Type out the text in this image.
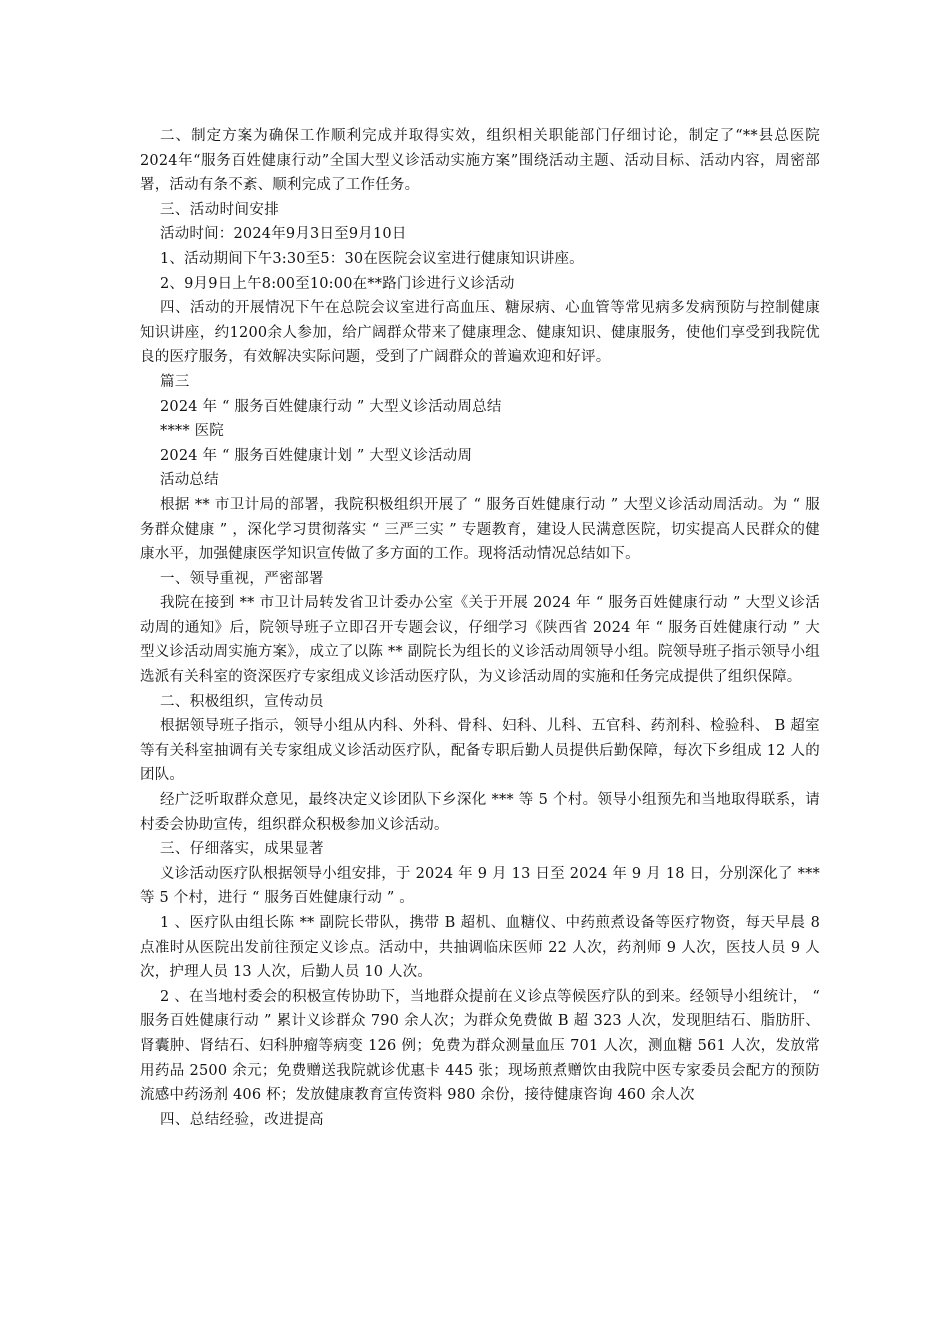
二、制定方案为确保工作顺利完成并取得实效，组织相关职能部门仔细讨论，制定了“**县总医院2024年“服务百姓健康行动”全国大型义诊活动实施方案”围绕活动主题、活动目标、活动内容，周密部署，活动有条不紊、顺利完成了工作任务。

三、活动时间安排

活动时间：2024年9月3日至9月10日

1、活动期间下午3:30至5：30在医院会议室进行健康知识讲座。

2、9月9日上午8:00至10:00在**路门诊进行义诊活动

四、活动的开展情况下午在总院会议室进行高血压、糖尿病、心血管等常见病多发病预防与控制健康知识讲座，约1200余人参加，给广阔群众带来了健康理念、健康知识、健康服务，使他们享受到我院优良的医疗服务，有效解决实际问题，受到了广阔群众的普遍欢迎和好评。

篇三

2024 年 “ 服务百姓健康行动 ” 大型义诊活动周总结

**** 医院

2024 年 “ 服务百姓健康计划 ” 大型义诊活动周

活动总结

根据 ** 市卫计局的部署，我院积极组织开展了 “ 服务百姓健康行动 ” 大型义诊活动周活动。为 “ 服务群众健康 ” ，深化学习贯彻落实 “ 三严三实 ” 专题教育，建设人民满意医院，切实提高人民群众的健康水平，加强健康医学知识宣传做了多方面的工作。现将活动情况总结如下。

一、领导重视，严密部署

我院在接到 ** 市卫计局转发省卫计委办公室《关于开展 2024 年 “ 服务百姓健康行动 ” 大型义诊活动周的通知》后，院领导班子立即召开专题会议，仔细学习《陕西省 2024 年 “ 服务百姓健康行动 ” 大型义诊活动周实施方案》，成立了以陈 ** 副院长为组长的义诊活动周领导小组。院领导班子指示领导小组选派有关科室的资深医疗专家组成义诊活动医疗队，为义诊活动周的实施和任务完成提供了组织保障。

二、积极组织，宣传动员

根据领导班子指示，领导小组从内科、外科、骨科、妇科、儿科、五官科、药剂科、检验科、 B 超室等有关科室抽调有关专家组成义诊活动医疗队，配备专职后勤人员提供后勤保障，每次下乡组成 12 人的团队。

经广泛听取群众意见，最终决定义诊团队下乡深化 *** 等 5 个村。领导小组预先和当地取得联系，请村委会协助宣传，组织群众积极参加义诊活动。

三、仔细落实，成果显著

义诊活动医疗队根据领导小组安排，于 2024 年 9 月 13 日至 2024 年 9 月 18 日，分别深化了 *** 等 5 个村，进行 “ 服务百姓健康行动 ” 。

1 、医疗队由组长陈 ** 副院长带队，携带 B 超机、血糖仪、中药煎煮设备等医疗物资，每天早晨 8 点准时从医院出发前往预定义诊点。活动中，共抽调临床医师 22 人次，药剂师 9 人次，医技人员 9 人次，护理人员 13 人次，后勤人员 10 人次。

2 、在当地村委会的积极宣传协助下，当地群众提前在义诊点等候医疗队的到来。经领导小组统计， “ 服务百姓健康行动 ” 累计义诊群众 790 余人次；为群众免费做 B 超 323 人次，发现胆结石、脂肪肝、肾囊肿、肾结石、妇科肿瘤等病变 126 例；免费为群众测量血压 701 人次，测血糖 561 人次，发放常用药品 2500 余元；免费赠送我院就诊优惠卡 445 张；现场煎煮赠饮由我院中医专家委员会配方的预防流感中药汤剂 406 杯；发放健康教育宣传资料 980 余份，接待健康咨询 460 余人次

四、总结经验，改进提高
